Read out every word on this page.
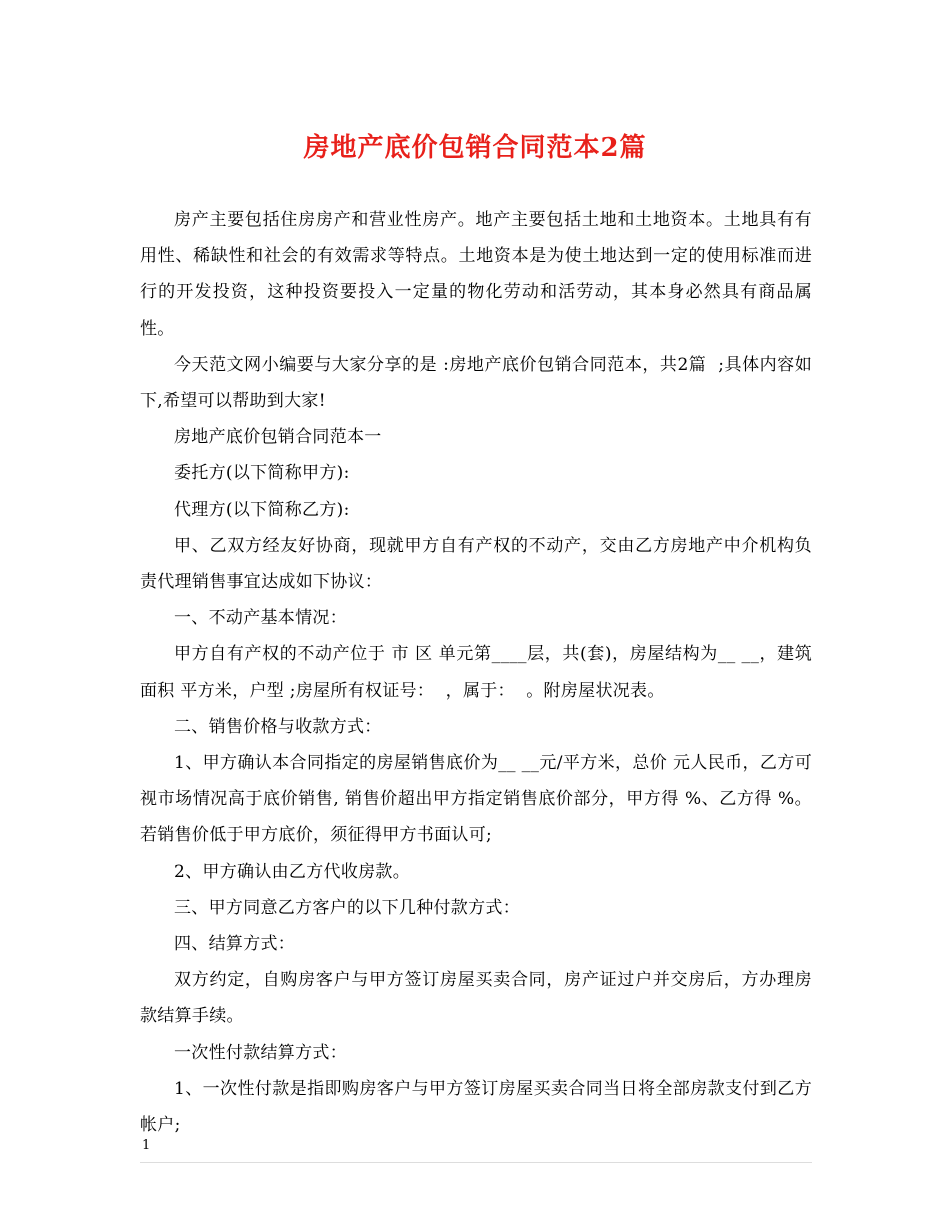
房地产底价包销合同范本2篇

房产主要包括住房房产和营业性房产。地产主要包括土地和土地资本。土地具有有用性、稀缺性和社会的有效需求等特点。土地资本是为使土地达到一定的使用标准而进行的开发投资，这种投资要投入一定量的物化劳动和活劳动，其本身必然具有商品属性。

今天范文网小编要与大家分享的是 :房地产底价包销合同范本，共2篇  ;具体内容如下,希望可以帮助到大家!

房地产底价包销合同范本一

委托方(以下简称甲方):

代理方(以下简称乙方):

甲、乙双方经友好协商，现就甲方自有产权的不动产，交由乙方房地产中介机构负责代理销售事宜达成如下协议：

一、不动产基本情况：

甲方自有产权的不动产位于 市 区 单元第____层，共(套)，房屋结构为__ __，建筑面积 平方米，户型 ;房屋所有权证号：  ，属于：  。附房屋状况表。

二、销售价格与收款方式：

1、甲方确认本合同指定的房屋销售底价为__ __元/平方米，总价 元人民币，乙方可视市场情况高于底价销售, 销售价超出甲方指定销售底价部分，甲方得 %、乙方得 %。若销售价低于甲方底价，须征得甲方书面认可;

2、甲方确认由乙方代收房款。

三、甲方同意乙方客户的以下几种付款方式：

四、结算方式：

双方约定，自购房客户与甲方签订房屋买卖合同，房产证过户并交房后，方办理房款结算手续。

一次性付款结算方式：

1、一次性付款是指即购房客户与甲方签订房屋买卖合同当日将全部房款支付到乙方帐户;

1
